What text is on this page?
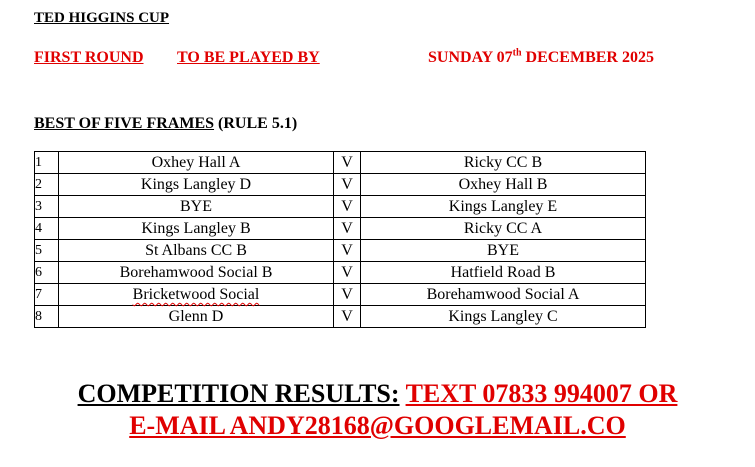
TED HIGGINS CUP
FIRST ROUND TO BE PLAYED BY	SUNDAY 07th DECEMBER 2025
BEST OF FIVE FRAMES (RULE 5.1)
1	Oxhey Hall A	V	Ricky CC B
2	Kings Langley D	V	Oxhey Hall B
3	BYE	V	Kings Langley E
4	Kings Langley B	V	Ricky CC A
5	St Albans CC B	V	BYE
6	Borehamwood Social B	V	Hatfield Road B
7	Bricketwood Social	V	Borehamwood Social A
8	Glenn D	V	Kings Langley C
COMPETITION RESULTS: TEXT 07833 994007 OR
E-MAIL ANDY28168@GOOGLEMAIL.CO
